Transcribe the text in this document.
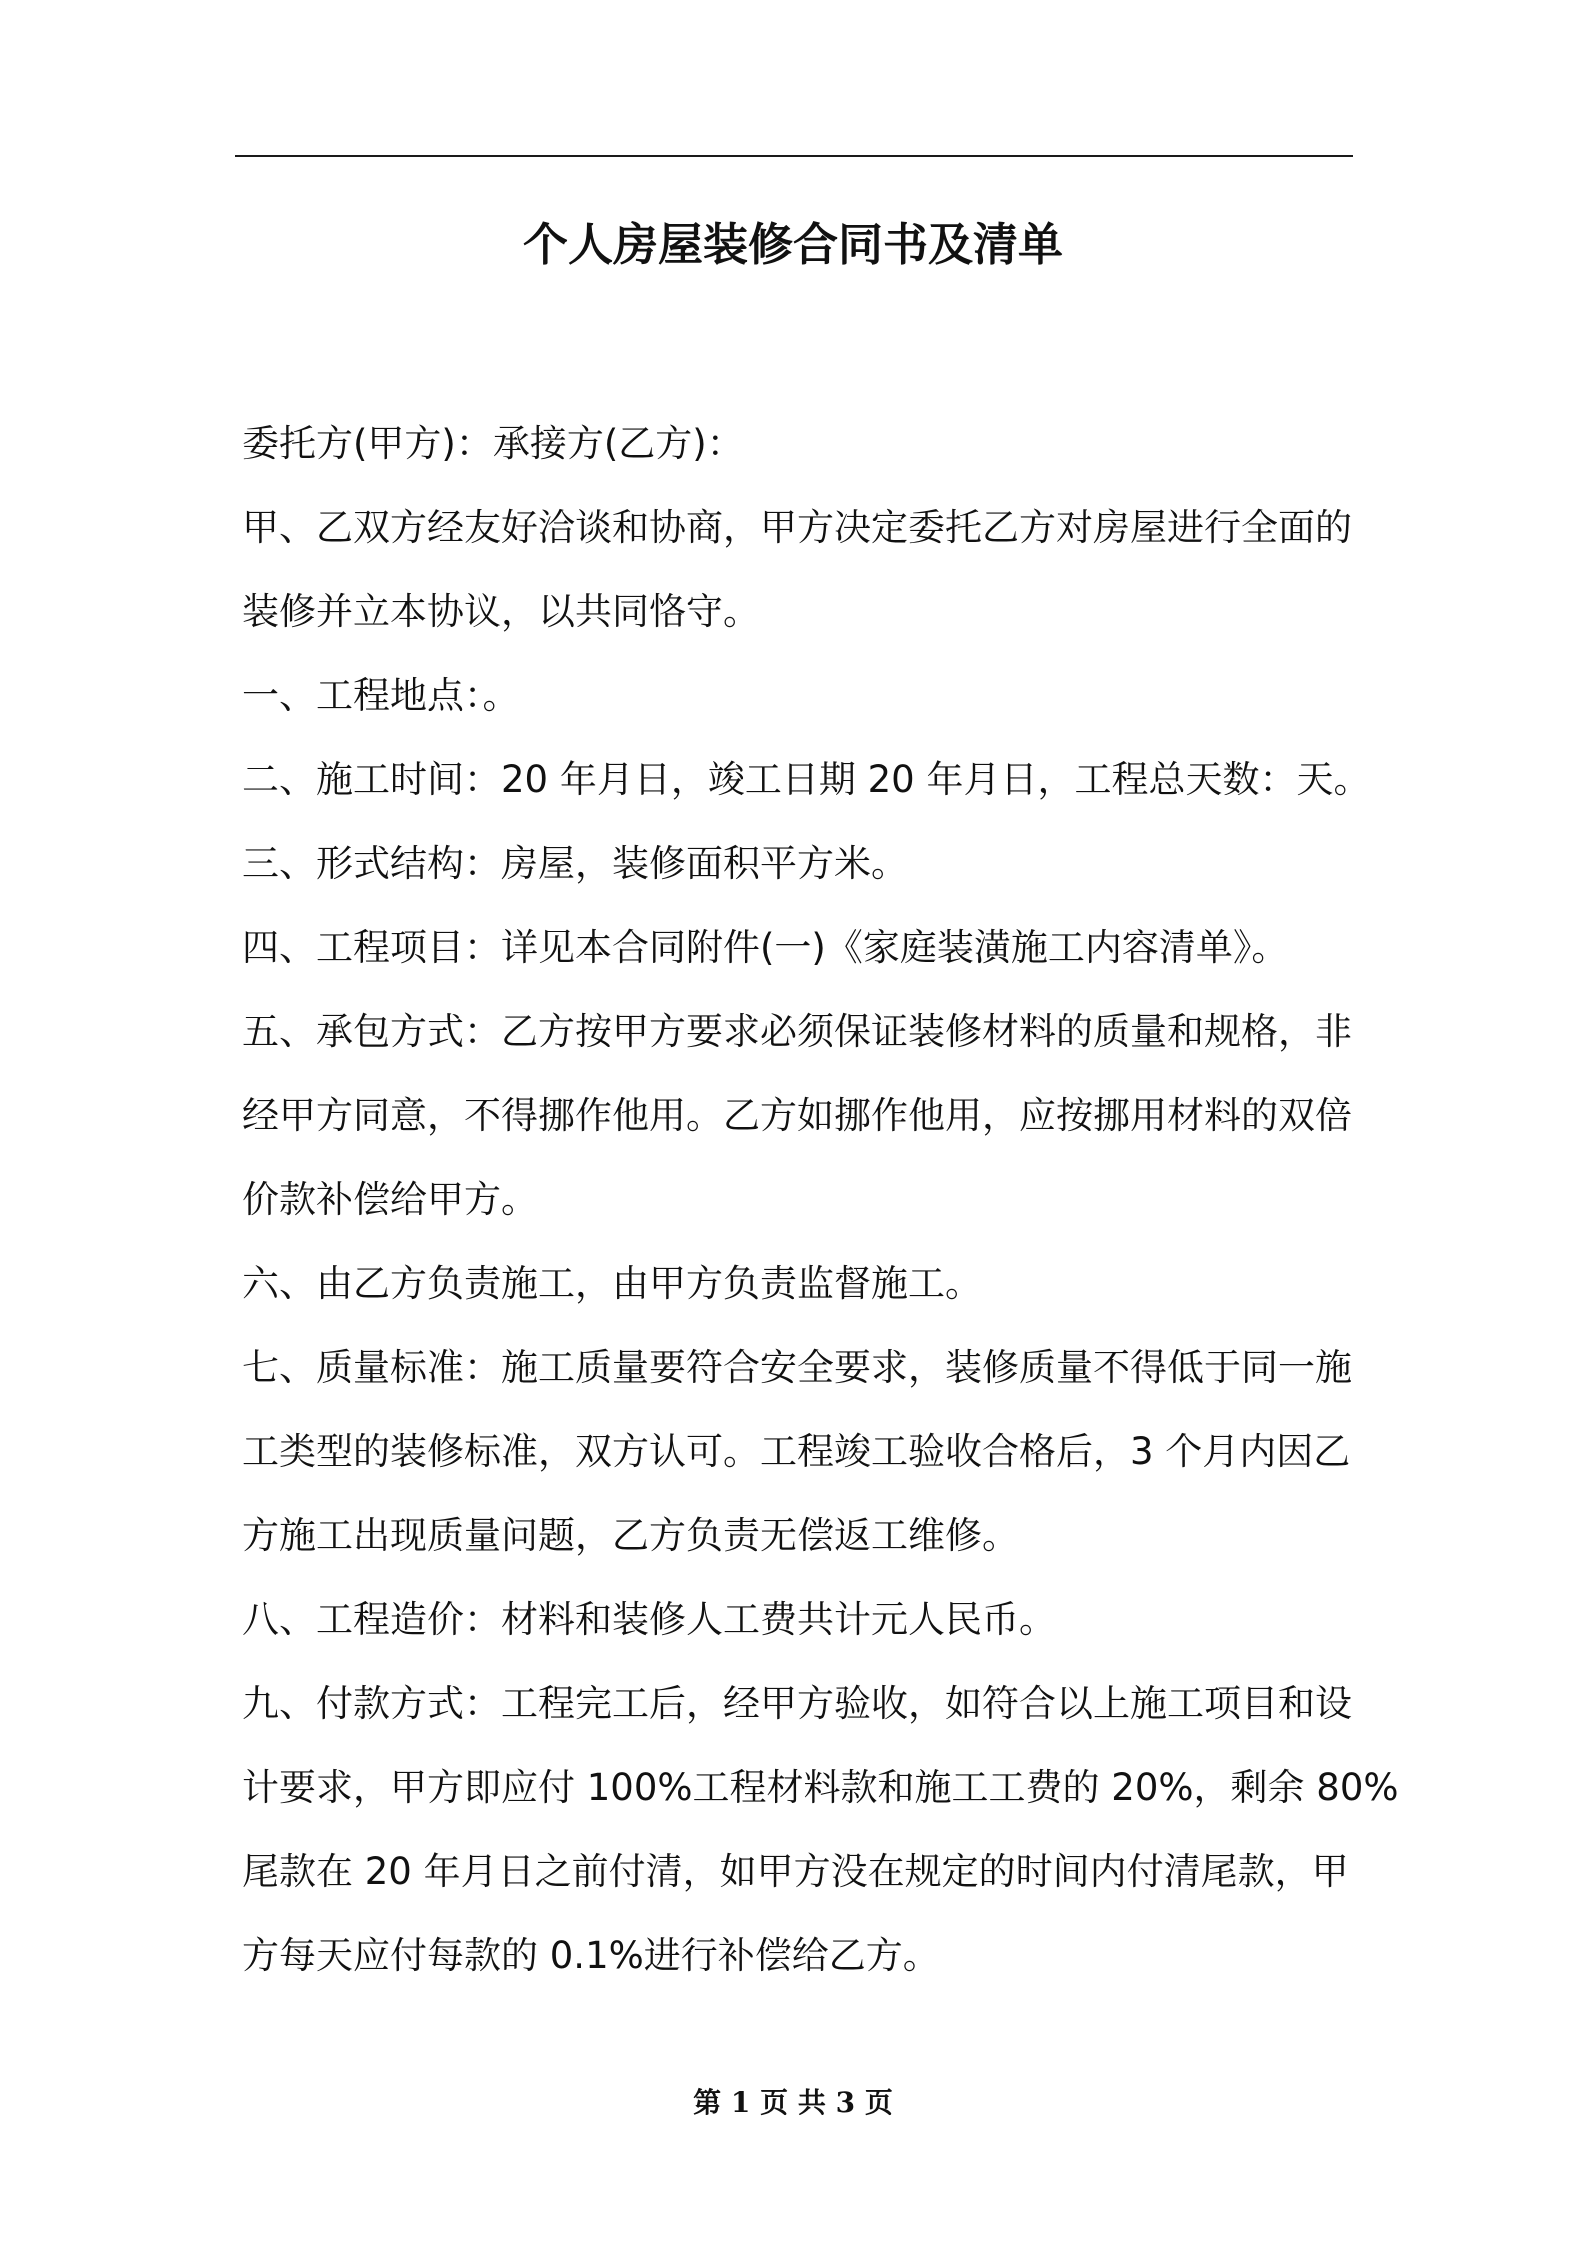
个人房屋装修合同书及清单
委托方(甲方)：承接方(乙方)：
甲、乙双方经友好洽谈和协商，甲方决定委托乙方对房屋进行全面的
装修并立本协议，以共同恪守。
一、工程地点：。
二、施工时间：20 年月日，竣工日期 20 年月日，工程总天数：天。
三、形式结构：房屋，装修面积平方米。
四、工程项目：详见本合同附件(一)《家庭装潢施工内容清单》。
五、承包方式：乙方按甲方要求必须保证装修材料的质量和规格，非
经甲方同意，不得挪作他用。乙方如挪作他用，应按挪用材料的双倍
价款补偿给甲方。
六、由乙方负责施工，由甲方负责监督施工。
七、质量标准：施工质量要符合安全要求，装修质量不得低于同一施
工类型的装修标准，双方认可。工程竣工验收合格后，3 个月内因乙
方施工出现质量问题，乙方负责无偿返工维修。
八、工程造价：材料和装修人工费共计元人民币。
九、付款方式：工程完工后，经甲方验收，如符合以上施工项目和设
计要求，甲方即应付 100%工程材料款和施工工费的 20%，剩余 80%
尾款在 20 年月日之前付清，如甲方没在规定的时间内付清尾款，甲
方每天应付每款的 0.1%进行补偿给乙方。
第 1 页 共 3 页
